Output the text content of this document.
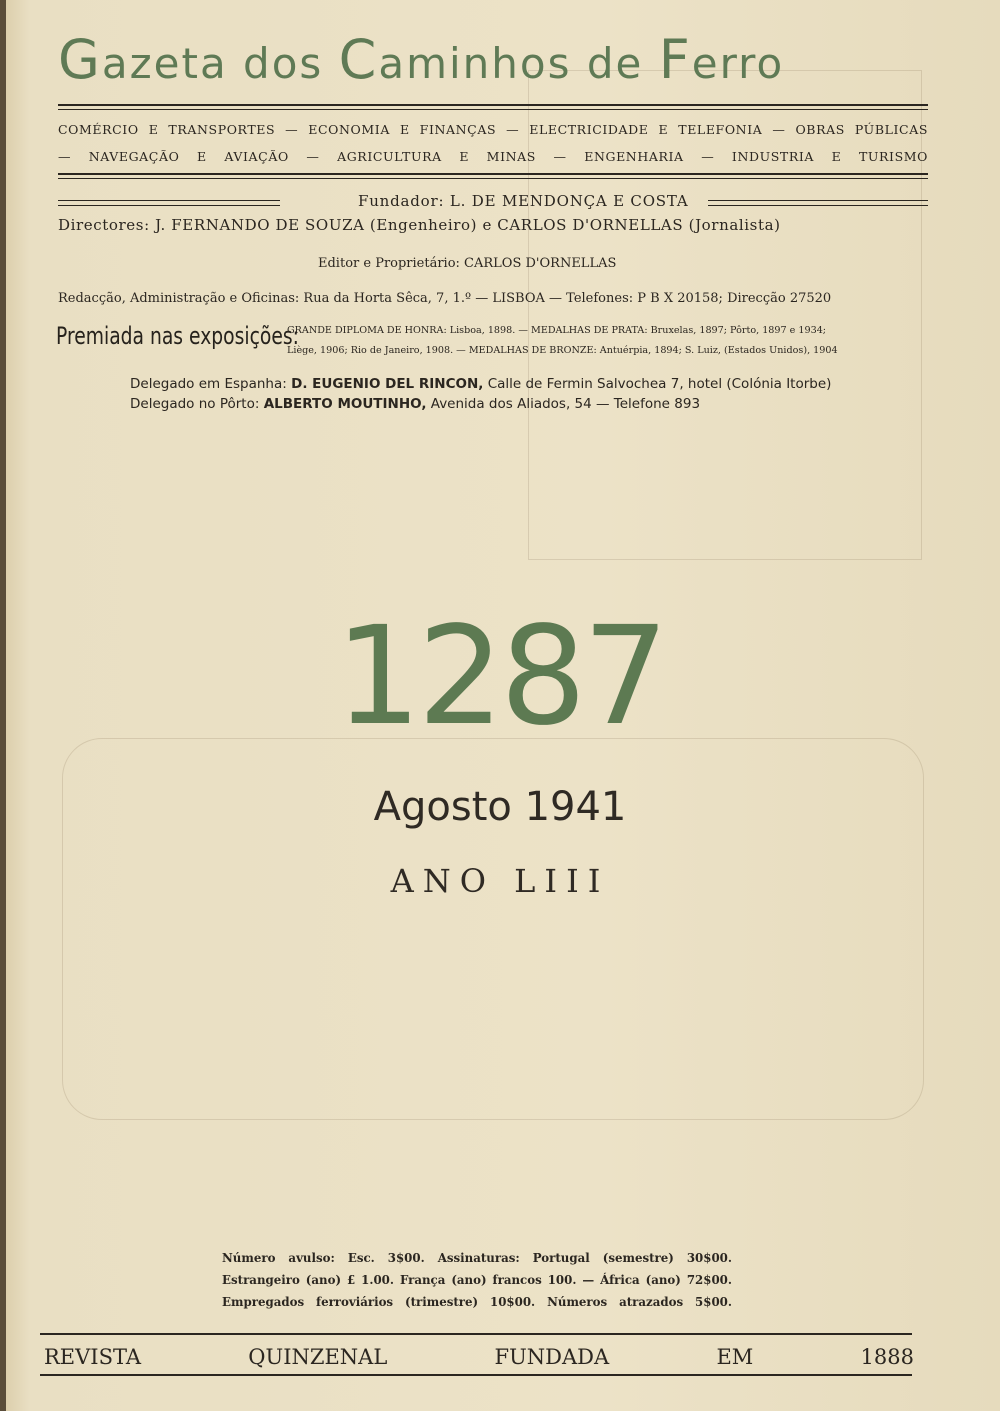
Gazeta dos Caminhos de Ferro
COMÉRCIO E TRANSPORTES — ECONOMIA E FINANÇAS — ELECTRICIDADE E TELEFONIA — OBRAS PÚBLICAS
— NAVEGAÇÃO E AVIAÇÃO — AGRICULTURA E MINAS — ENGENHARIA — INDUSTRIA E TURISMO
Fundador: L. DE MENDONÇA E COSTA
Directores: J. FERNANDO DE SOUZA (Engenheiro) e CARLOS D'ORNELLAS (Jornalista)
Editor e Proprietário: CARLOS D'ORNELLAS
Redacção, Administração e Oficinas: Rua da Horta Sêca, 7, 1.º — LISBOA — Telefones: P B X 20158; Direcção 27520
Premiada nas exposições:
GRANDE DIPLOMA DE HONRA: Lisboa, 1898. — MEDALHAS DE PRATA: Bruxelas, 1897; Pôrto, 1897 e 1934;
Liège, 1906; Rio de Janeiro, 1908. — MEDALHAS DE BRONZE: Antuérpia, 1894; S. Luiz, (Estados Unidos), 1904
Delegado em Espanha: D. EUGENIO DEL RINCON, Calle de Fermin Salvochea 7, hotel (Colónia Itorbe)
Delegado no Pôrto: ALBERTO MOUTINHO, Avenida dos Aliados, 54 — Telefone 893
1287
Agosto 1941
ANO LIII
Número avulso: Esc. 3$00. Assinaturas: Portugal (semestre) 30$00.
Estrangeiro (ano) £ 1.00. França (ano) francos 100. — África (ano) 72$00.
Empregados ferroviários (trimestre) 10$00. Números atrazados 5$00.
REVISTA QUINZENAL FUNDADA EM 1888
